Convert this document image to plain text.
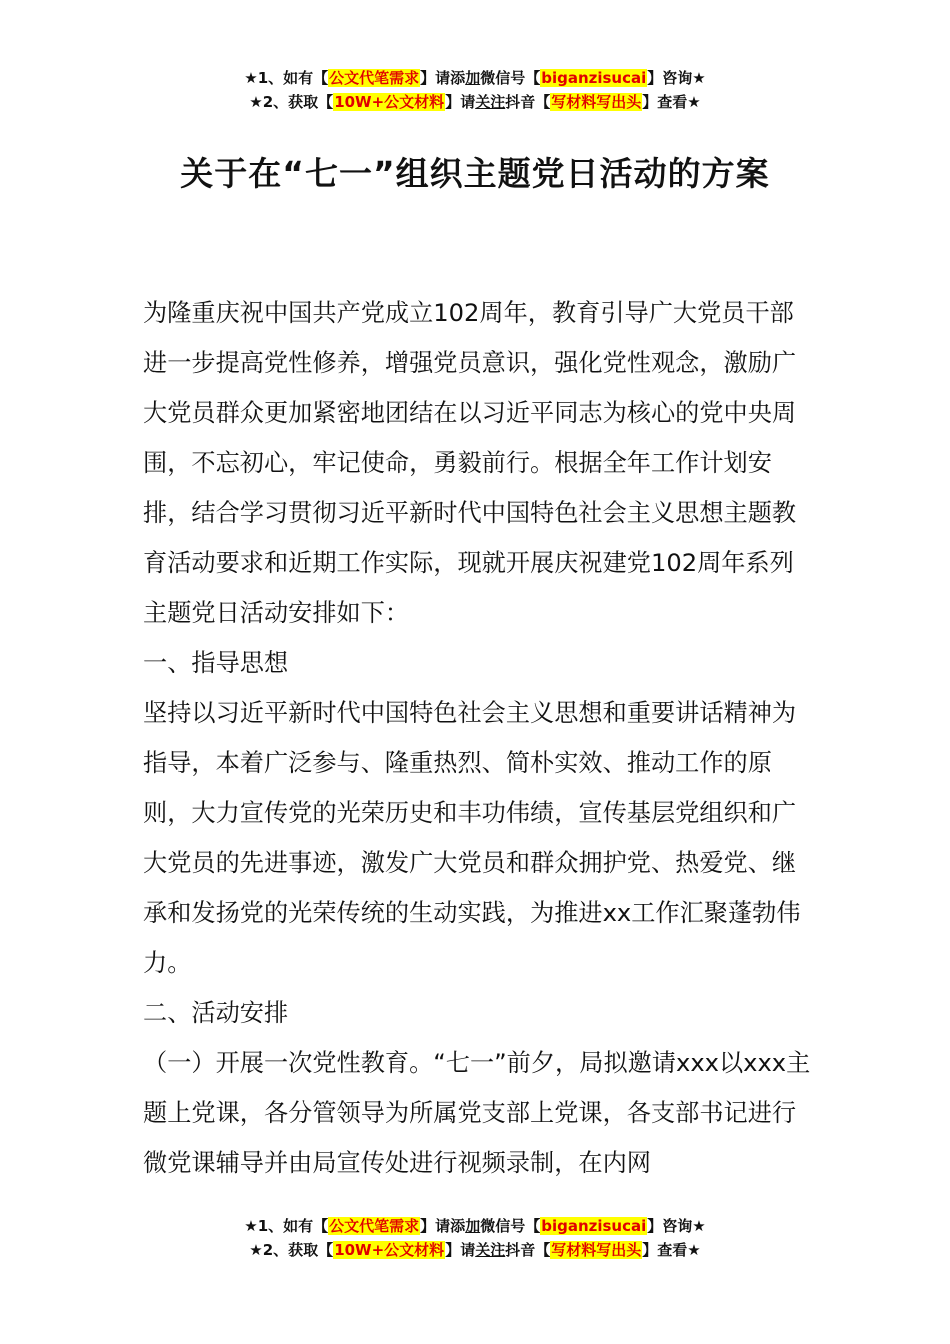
★1、如有【公文代笔需求】请添加微信号【biganzisucai】咨询★
★2、获取【10W+公文材料】请关注抖音【写材料写出头】查看★
关于在“七一”组织主题党日活动的方案

为隆重庆祝中国共产党成立102周年，教育引导广大党员干部进一步提高党性修养，增强党员意识，强化党性观念，激励广大党员群众更加紧密地团结在以习近平同志为核心的党中央周围，不忘初心，牢记使命，勇毅前行。根据全年工作计划安排，结合学习贯彻习近平新时代中国特色社会主义思想主题教育活动要求和近期工作实际，现就开展庆祝建党102周年系列主题党日活动安排如下：

一、指导思想

坚持以习近平新时代中国特色社会主义思想和重要讲话精神为指导，本着广泛参与、隆重热烈、简朴实效、推动工作的原则，大力宣传党的光荣历史和丰功伟绩，宣传基层党组织和广大党员的先进事迹，激发广大党员和群众拥护党、热爱党、继承和发扬党的光荣传统的生动实践，为推进xx工作汇聚蓬勃伟力。

二、活动安排

（一）开展一次党性教育。“七一”前夕，局拟邀请xxx以xxx主题上党课，各分管领导为所属党支部上党课，各支部书记进行微党课辅导并由局宣传处进行视频录制，在内网

★1、如有【公文代笔需求】请添加微信号【biganzisucai】咨询★
★2、获取【10W+公文材料】请关注抖音【写材料写出头】查看★
